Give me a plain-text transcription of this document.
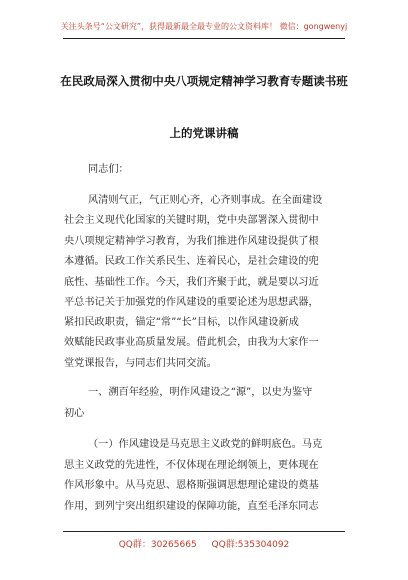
关注头条号“公文研究”，获得最新最全最专业的公文资料库！ 微信：gongwenyj
在民政局深入贯彻中央八项规定精神学习教育专题读书班
上的党课讲稿
同志们：
风清则气正，气正则心齐，心齐则事成。在全面建设
社会主义现代化国家的关键时期，党中央部署深入贯彻中
央八项规定精神学习教育，为我们推进作风建设提供了根
本遵循。民政工作关系民生、连着民心，是社会建设的兜
底性、基础性工作。今天，我们齐聚于此，就是要以习近
平总书记关于加强党的作风建设的重要论述为思想武器，
紧扣民政职责，锚定“常”“长”目标，以作风建设新成
效赋能民政事业高质量发展。借此机会，由我为大家作一
堂党课报告，与同志们共同交流。
一、溯百年经验，明作风建设之“源”，以史为鉴守
初心
（一）作风建设是马克思主义政党的鲜明底色。马克
思主义政党的先进性，不仅体现在理论纲领上，更体现在
作风形象中。从马克思、恩格斯强调思想理论建设的奠基
作用，到列宁突出组织建设的保障功能，直至毛泽东同志
QQ群：30265665 QQ群:535304092
